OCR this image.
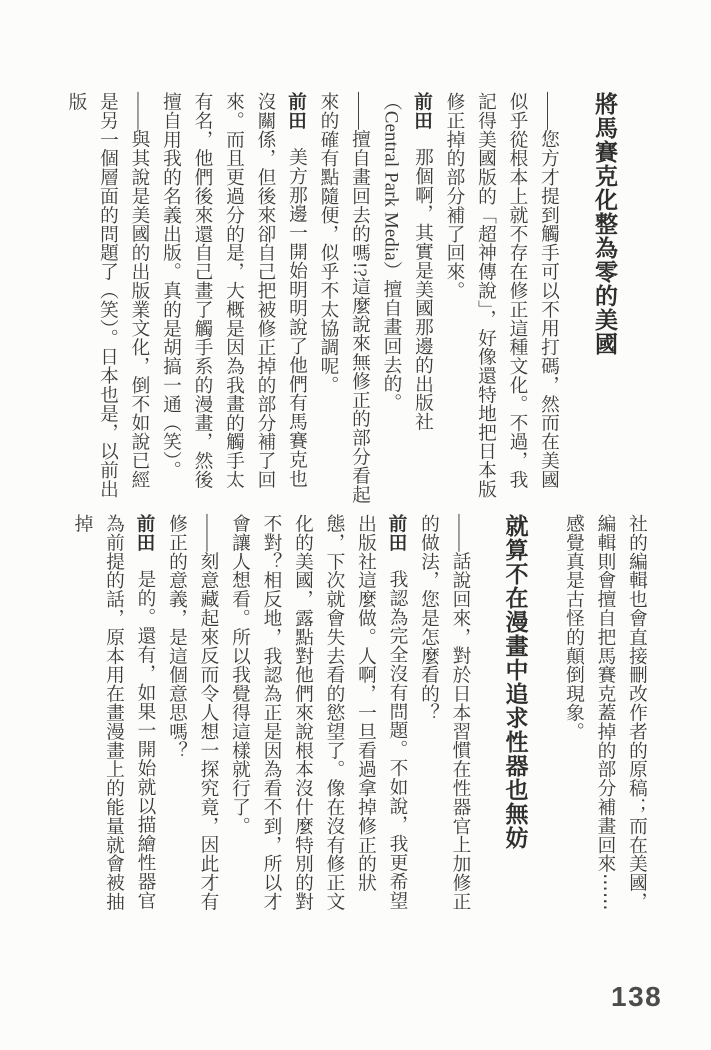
將馬賽克化整為零的美國

——您方才提到觸手可以不用打碼，然而在美國似乎從根本上就不存在修正這種文化。不過，我記得美國版的「超神傳說」，好像還特地把日本版修正掉的部分補了回來。

前田那個啊，其實是美國那邊的出版社（Central Park Media）擅自畫回去的。

——擅自畫回去的嗎!?這麼說來無修正的部分看起來的確有點隨便，似乎不太協調呢。

前田美方那邊一開始明明說了他們有馬賽克也沒關係，但後來卻自己把被修正掉的部分補了回來。而且更過分的是，大概是因為我畫的觸手太有名，他們後來還自己畫了觸手系的漫畫，然後擅自用我的名義出版。真的是胡搞一通（笑）。

——與其說是美國的出版業文化，倒不如說已經是另一個層面的問題了（笑）。日本也是，以前出版

社的編輯也會直接刪改作者的原稿；而在美國，編輯則會擅自把馬賽克蓋掉的部分補畫回來⋯⋯感覺真是古怪的顛倒現象。

就算不在漫畫中追求性器也無妨

——話說回來，對於日本習慣在性器官上加修正的做法，您是怎麼看的？

前田我認為完全沒有問題。不如說，我更希望出版社這麼做。人啊，一旦看過拿掉修正的狀態，下次就會失去看的慾望了。像在沒有修正文化的美國，露點對他們來說根本沒什麼特別的對不對？相反地，我認為正是因為看不到，所以才會讓人想看。所以我覺得這樣就行了。

——刻意藏起來反而令人想一探究竟，因此才有修正的意義，是這個意思嗎？

前田是的。還有，如果一開始就以描繪性器官為前提的話，原本用在畫漫畫上的能量就會被抽掉

138
